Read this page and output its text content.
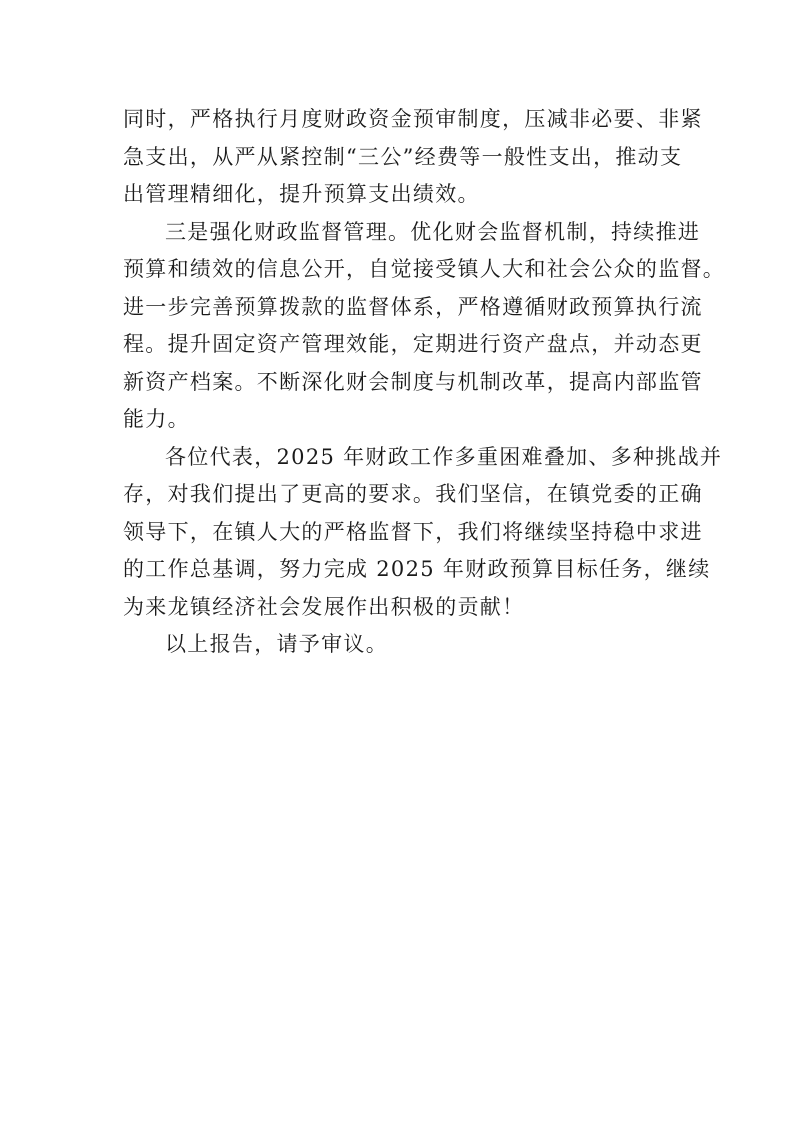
同时，严格执行月度财政资金预审制度，压减非必要、非紧
急支出，从严从紧控制“三公”经费等一般性支出，推动支
出管理精细化，提升预算支出绩效。

三是强化财政监督管理。优化财会监督机制，持续推进
预算和绩效的信息公开，自觉接受镇人大和社会公众的监督。
进一步完善预算拨款的监督体系，严格遵循财政预算执行流
程。提升固定资产管理效能，定期进行资产盘点，并动态更
新资产档案。不断深化财会制度与机制改革，提高内部监管
能力。

各位代表，2025 年财政工作多重困难叠加、多种挑战并
存，对我们提出了更高的要求。我们坚信，在镇党委的正确
领导下，在镇人大的严格监督下，我们将继续坚持稳中求进
的工作总基调，努力完成 2025 年财政预算目标任务，继续
为来龙镇经济社会发展作出积极的贡献！

以上报告，请予审议。
